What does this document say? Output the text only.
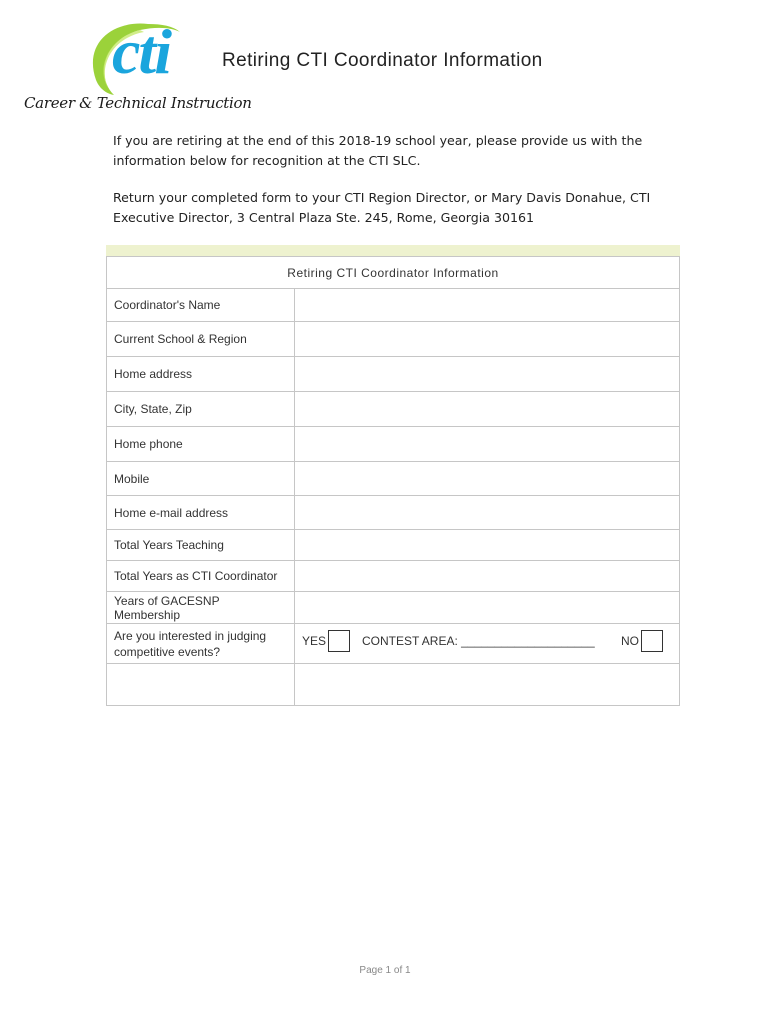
cti
Career & Technical Instruction
Retiring CTI Coordinator Information

If you are retiring at the end of this 2018-19 school year, please provide us with the information below for recognition at the CTI SLC.

Return your completed form to your CTI Region Director, or Mary Davis Donahue, CTI Executive Director, 3 Central Plaza Ste. 245, Rome, Georgia 30161

Retiring CTI Coordinator Information	
Coordinator's Name	
Current School & Region	
Home address	
City, State, Zip	
Home phone	
Mobile	
Home e-mail address	
Total Years Teaching	
Total Years as CTI Coordinator	
Years of GACESNP Membership	
Are you interested in judging competitive events?	YES CONTEST AREA: ____________________ NO

Page 1 of 1
